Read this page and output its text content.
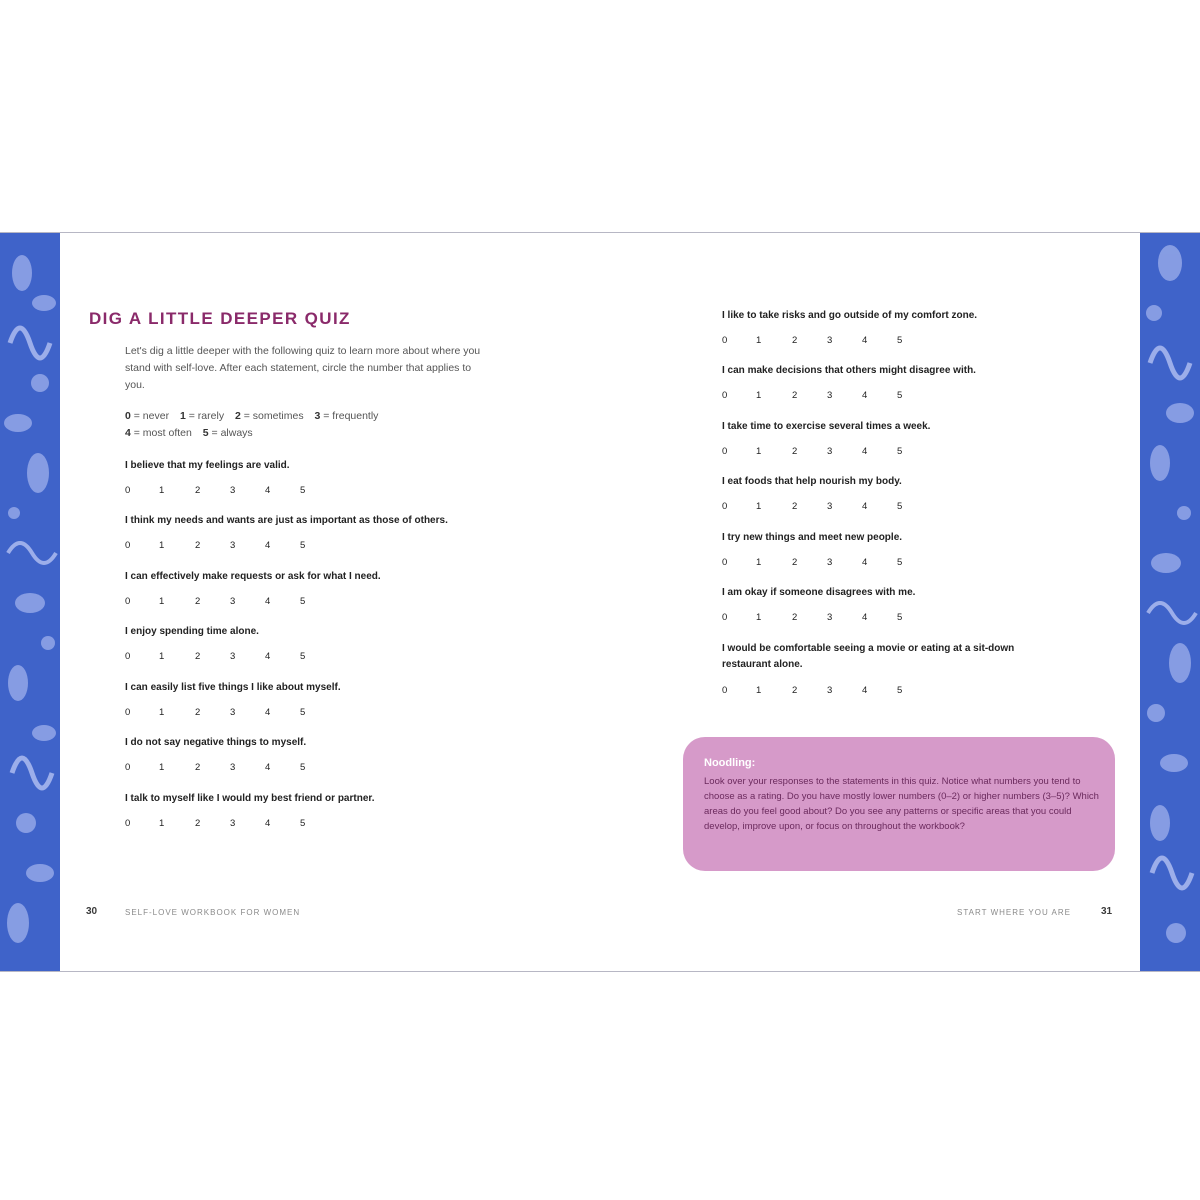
DIG A LITTLE DEEPER QUIZ
Let's dig a little deeper with the following quiz to learn more about where you stand with self-love. After each statement, circle the number that applies to you.
0 = never 1 = rarely 2 = sometimes 3 = frequently
4 = most often 5 = always
I believe that my feelings are valid.
0	1	2	3	4	5
I think my needs and wants are just as important as those of others.
0	1	2	3	4	5
I can effectively make requests or ask for what I need.
0	1	2	3	4	5
I enjoy spending time alone.
0	1	2	3	4	5
I can easily list five things I like about myself.
0	1	2	3	4	5
I do not say negative things to myself.
0	1	2	3	4	5
I talk to myself like I would my best friend or partner.
0	1	2	3	4	5
I like to take risks and go outside of my comfort zone.
0	1	2	3	4	5
I can make decisions that others might disagree with.
0	1	2	3	4	5
I take time to exercise several times a week.
0	1	2	3	4	5
I eat foods that help nourish my body.
0	1	2	3	4	5
I try new things and meet new people.
0	1	2	3	4	5
I am okay if someone disagrees with me.
0	1	2	3	4	5
I would be comfortable seeing a movie or eating at a sit-down restaurant alone.
0	1	2	3	4	5
Noodling:
Look over your responses to the statements in this quiz. Notice what numbers you tend to choose as a rating. Do you have mostly lower numbers (0–2) or higher numbers (3–5)? Which areas do you feel good about? Do you see any patterns or specific areas that you could develop, improve upon, or focus on throughout the workbook?
30	SELF-LOVE WORKBOOK FOR WOMEN	START WHERE YOU ARE	31
